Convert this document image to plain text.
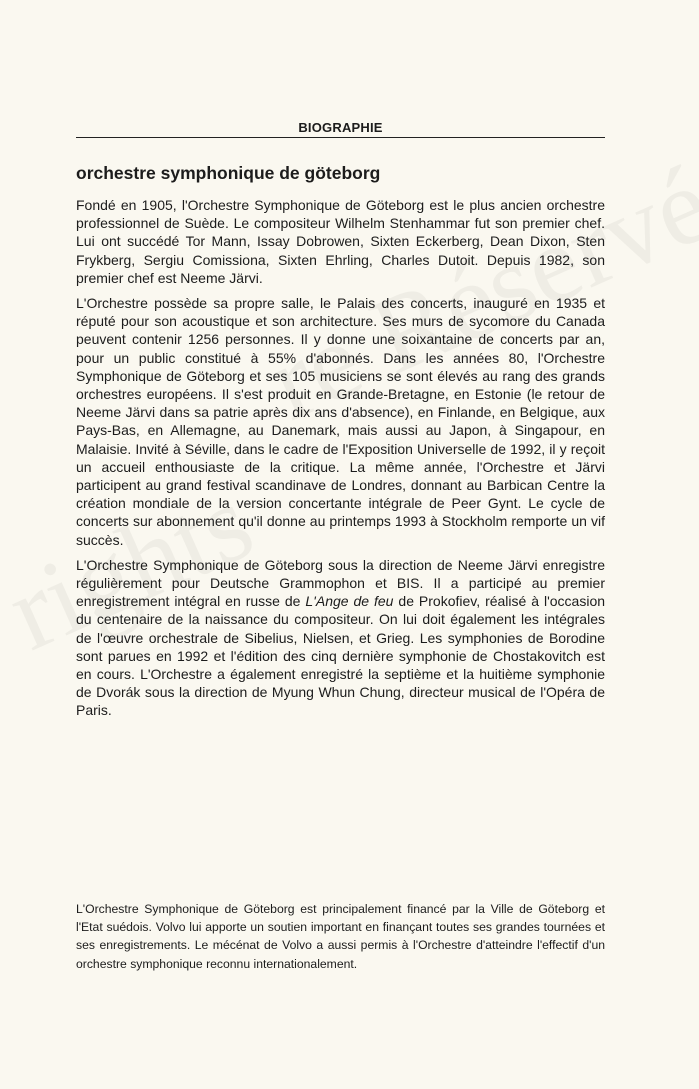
BIOGRAPHIE
orchestre symphonique de göteborg

Fondé en 1905, l'Orchestre Symphonique de Göteborg est le plus ancien orchestre professionnel de Suède. Le compositeur Wilhelm Stenhammar fut son premier chef. Lui ont succédé Tor Mann, Issay Dobrowen, Sixten Eckerberg, Dean Dixon, Sten Frykberg, Sergiu Comissiona, Sixten Ehrling, Charles Dutoit. Depuis 1982, son premier chef est Neeme Järvi.

L'Orchestre possède sa propre salle, le Palais des concerts, inauguré en 1935 et réputé pour son acoustique et son architecture. Ses murs de sycomore du Canada peuvent contenir 1256 personnes. Il y donne une soixantaine de concerts par an, pour un public constitué à 55% d'abonnés. Dans les années 80, l'Orchestre Symphonique de Göteborg et ses 105 musiciens se sont élevés au rang des grands orchestres européens. Il s'est produit en Grande-Bretagne, en Estonie (le retour de Neeme Järvi dans sa patrie après dix ans d'absence), en Finlande, en Belgique, aux Pays-Bas, en Allemagne, au Danemark, mais aussi au Japon, à Singapour, en Malaisie. Invité à Séville, dans le cadre de l'Exposition Universelle de 1992, il y reçoit un accueil enthousiaste de la critique. La même année, l'Orchestre et Järvi participent au grand festival scandinave de Londres, donnant au Barbican Centre la création mondiale de la version concertante intégrale de Peer Gynt. Le cycle de concerts sur abonnement qu'il donne au printemps 1993 à Stockholm remporte un vif succès.

L'Orchestre Symphonique de Göteborg sous la direction de Neeme Järvi enregistre régulièrement pour Deutsche Grammophon et BIS. Il a participé au premier enregistrement intégral en russe de L'Ange de feu de Prokofiev, réalisé à l'occasion du centenaire de la naissance du compositeur. On lui doit également les intégrales de l'œuvre orchestrale de Sibelius, Nielsen, et Grieg. Les symphonies de Borodine sont parues en 1992 et l'édition des cinq dernière symphonie de Chostakovitch est en cours. L'Orchestre a également enregistré la septième et la huitième symphonie de Dvorák sous la direction de Myung Whun Chung, directeur musical de l'Opéra de Paris.

L'Orchestre Symphonique de Göteborg est principalement financé par la Ville de Göteborg et l'Etat suédois. Volvo lui apporte un soutien important en finançant toutes ses grandes tournées et ses enregistrements. Le mécénat de Volvo a aussi permis à l'Orchestre d'atteindre l'effectif d'un orchestre symphonique reconnu internationalement.
